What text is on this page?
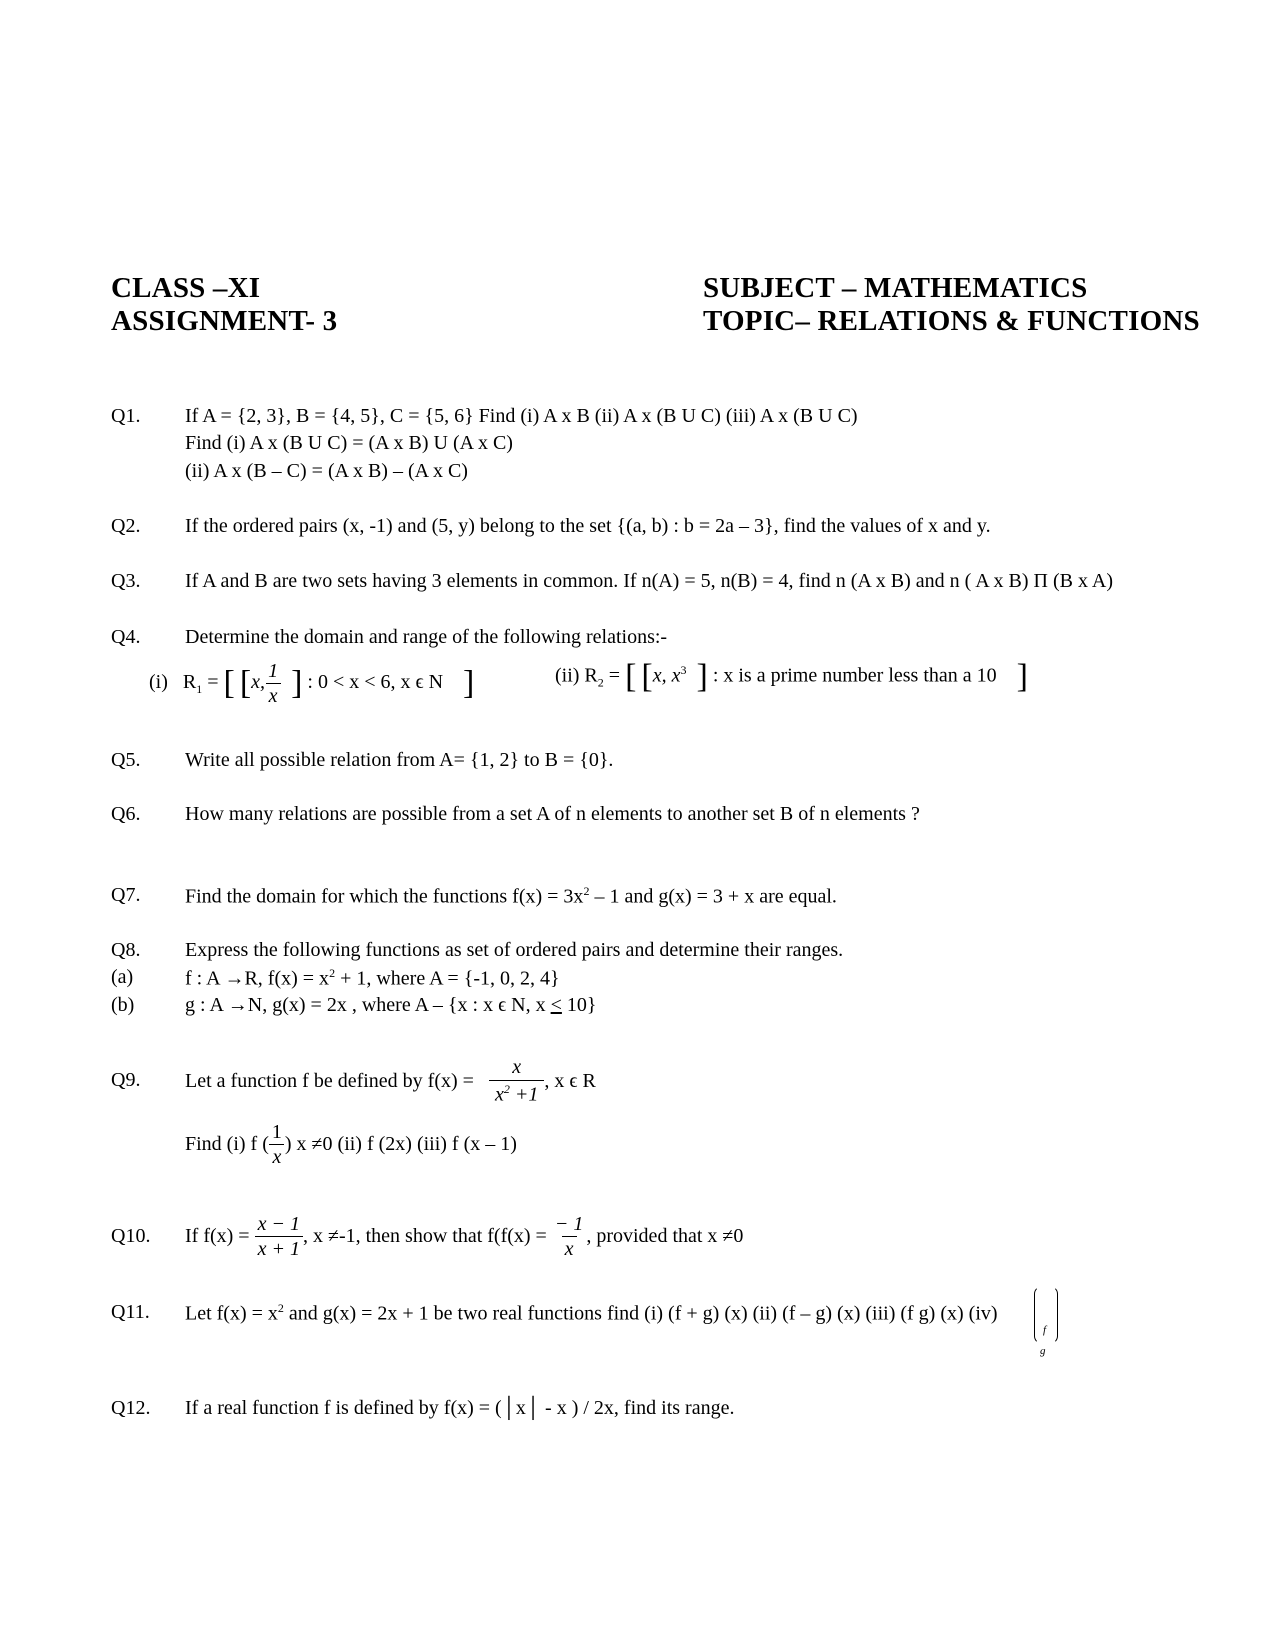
CLASS –XI
ASSIGNMENT- 3
SUBJECT – MATHEMATICS
TOPIC– RELATIONS & FUNCTIONS
Q1. If A = {2, 3}, B = {4, 5}, C = {5, 6} Find (i) A x B (ii) A x (B U C) (iii) A x (B U C)
Find (i) A x (B U C) = (A x B) U (A x C)
(ii) A x (B – C) = (A x B) – (A x C)
Q2. If the ordered pairs (x, -1) and (5, y) belong to the set {(a, b) : b = 2a – 3}, find the values of x and y.
Q3. If A and B are two sets having 3 elements in common. If n(A) = 5, n(B) = 4, find n (A x B) and n ( A x B) Π (B x A)
Q4. Determine the domain and range of the following relations:-
(i) $R_1$ = [ [x, $\frac{1}{x}$ ] : 0 < x < 6, x ϵ N ]	(ii) $R_2$ = [ [x, $x^3$ ] : x is a prime number less than a 10 ]
Q5. Write all possible relation from A= {1, 2} to B = {0}.
Q6. How many relations are possible from a set A of n elements to another set B of n elements ?
Q7. Find the domain for which the functions $f(x) = 3x^2 - 1$ and g(x) = 3 + x are equal.
Q8. Express the following functions as set of ordered pairs and determine their ranges.
(a)	f : A →R, $f(x) = x^2 + 1$, where A = {-1, 0, 2, 4}
(b)	g : A →N, g(x) = 2x , where A – {x : x ϵ N, x < 10}
Q9. Let a function f be defined by f(x) =
$\frac{x}{x^2 +1}$ , x ϵ R
Find (i) f ( $\frac{1}{x}$ ) x ≠0 (ii) f (2x) (iii) f (x – 1)
Q10. If f(x) =
$\frac{x - 1}{x + 1}$ , x ≠-1, then show that f(f(x) =
$\frac{- 1}{x}$ , provided that x ≠0
Q11. Let $f(x) = x^2$ and g(x) = 2x + 1 be two real functions find (i) (f + g) (x) (ii) (f – g) (x) (iii) (f g) (x) (iv)
f
g
Q12. If a real function f is defined by f(x) = (│x│ - x ) / 2x, find its range.
